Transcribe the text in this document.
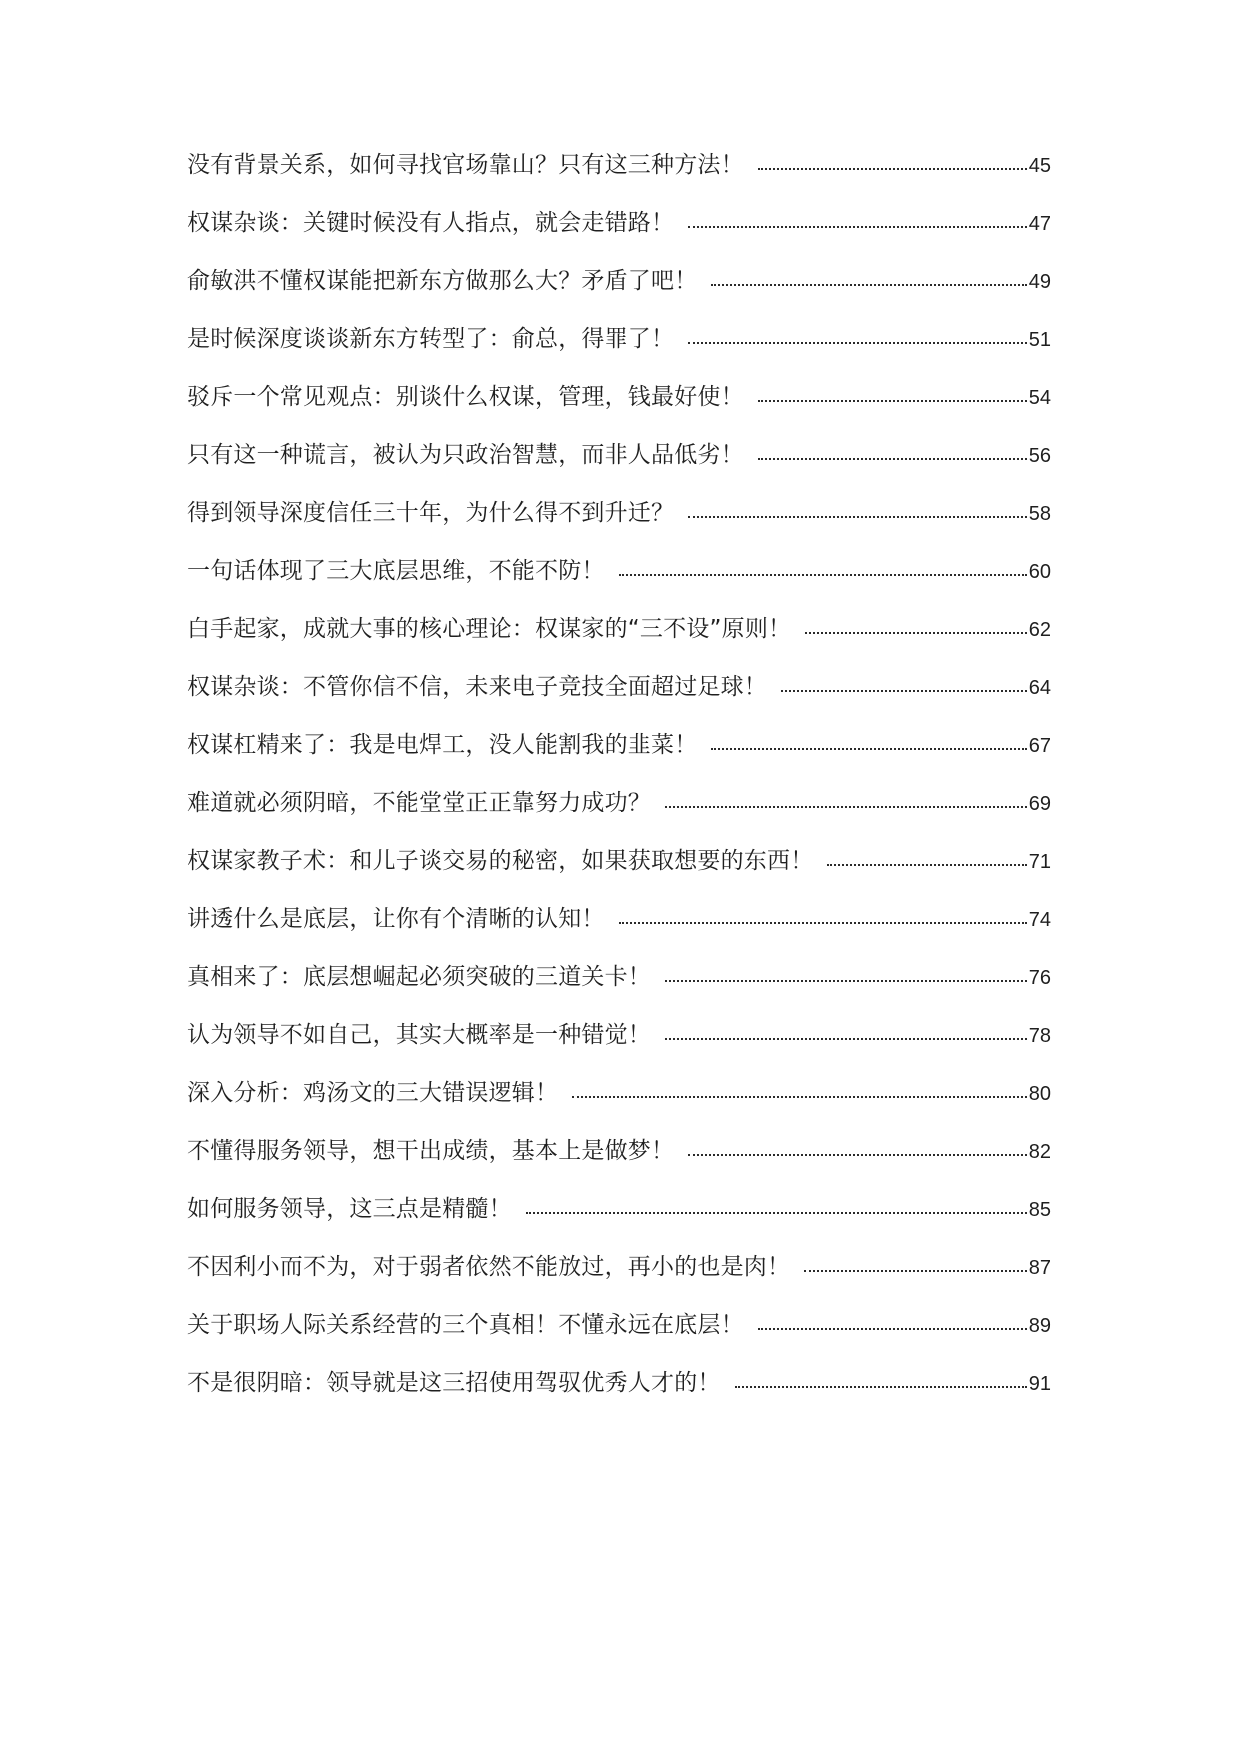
没有背景关系，如何寻找官场靠山？只有这三种方法！	45
权谋杂谈：关键时候没有人指点，就会走错路！	47
俞敏洪不懂权谋能把新东方做那么大？矛盾了吧！	49
是时候深度谈谈新东方转型了：俞总，得罪了！	51
驳斥一个常见观点：别谈什么权谋，管理，钱最好使！	54
只有这一种谎言，被认为只政治智慧，而非人品低劣！	56
得到领导深度信任三十年，为什么得不到升迁？	58
一句话体现了三大底层思维，不能不防！	60
白手起家，成就大事的核心理论：权谋家的“三不设”原则！	62
权谋杂谈：不管你信不信，未来电子竞技全面超过足球！	64
权谋杠精来了：我是电焊工，没人能割我的韭菜！	67
难道就必须阴暗，不能堂堂正正靠努力成功？	69
权谋家教子术：和儿子谈交易的秘密，如果获取想要的东西！	71
讲透什么是底层，让你有个清晰的认知！	74
真相来了：底层想崛起必须突破的三道关卡！	76
认为领导不如自己，其实大概率是一种错觉！	78
深入分析：鸡汤文的三大错误逻辑！	80
不懂得服务领导，想干出成绩，基本上是做梦！	82
如何服务领导，这三点是精髓！	85
不因利小而不为，对于弱者依然不能放过，再小的也是肉！	87
关于职场人际关系经营的三个真相！不懂永远在底层！	89
不是很阴暗：领导就是这三招使用驾驭优秀人才的！	91
